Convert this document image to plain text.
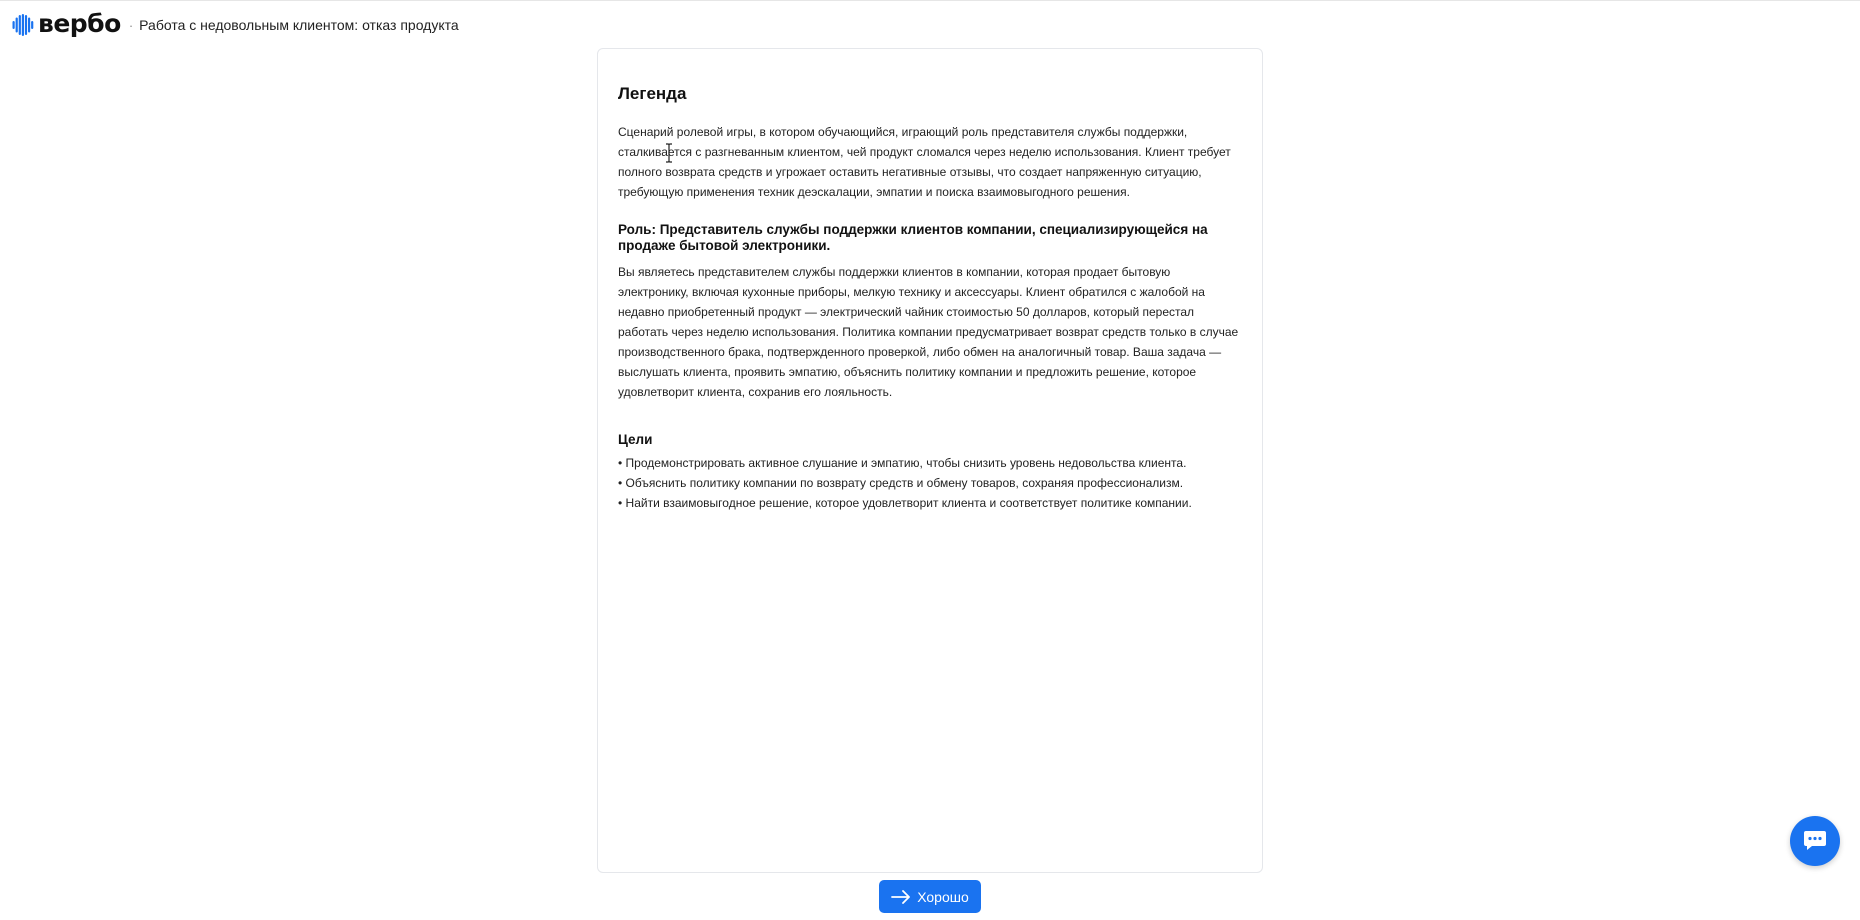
вербо · Работа с недовольным клиентом: отказ продукта
Легенда

Сценарий ролевой игры, в котором обучающийся, играющий роль представителя службы поддержки, сталкивается с разгневанным клиентом, чей продукт сломался через неделю использования. Клиент требует полного возврата средств и угрожает оставить негативные отзывы, что создает напряженную ситуацию, требующую применения техник деэскалации, эмпатии и поиска взаимовыгодного решения.

Роль: Представитель службы поддержки клиентов компании, специализирующейся на продаже бытовой электроники.

Вы являетесь представителем службы поддержки клиентов в компании, которая продает бытовую электронику, включая кухонные приборы, мелкую технику и аксессуары. Клиент обратился с жалобой на недавно приобретенный продукт — электрический чайник стоимостью 50 долларов, который перестал работать через неделю использования. Политика компании предусматривает возврат средств только в случае производственного брака, подтвержденного проверкой, либо обмен на аналогичный товар. Ваша задача — выслушать клиента, проявить эмпатию, объяснить политику компании и предложить решение, которое удовлетворит клиента, сохранив его лояльность.

Цели
• Продемонстрировать активное слушание и эмпатию, чтобы снизить уровень недовольства клиента.
• Объяснить политику компании по возврату средств и обмену товаров, сохраняя профессионализм.
• Найти взаимовыгодное решение, которое удовлетворит клиента и соответствует политике компании.
Хорошо
